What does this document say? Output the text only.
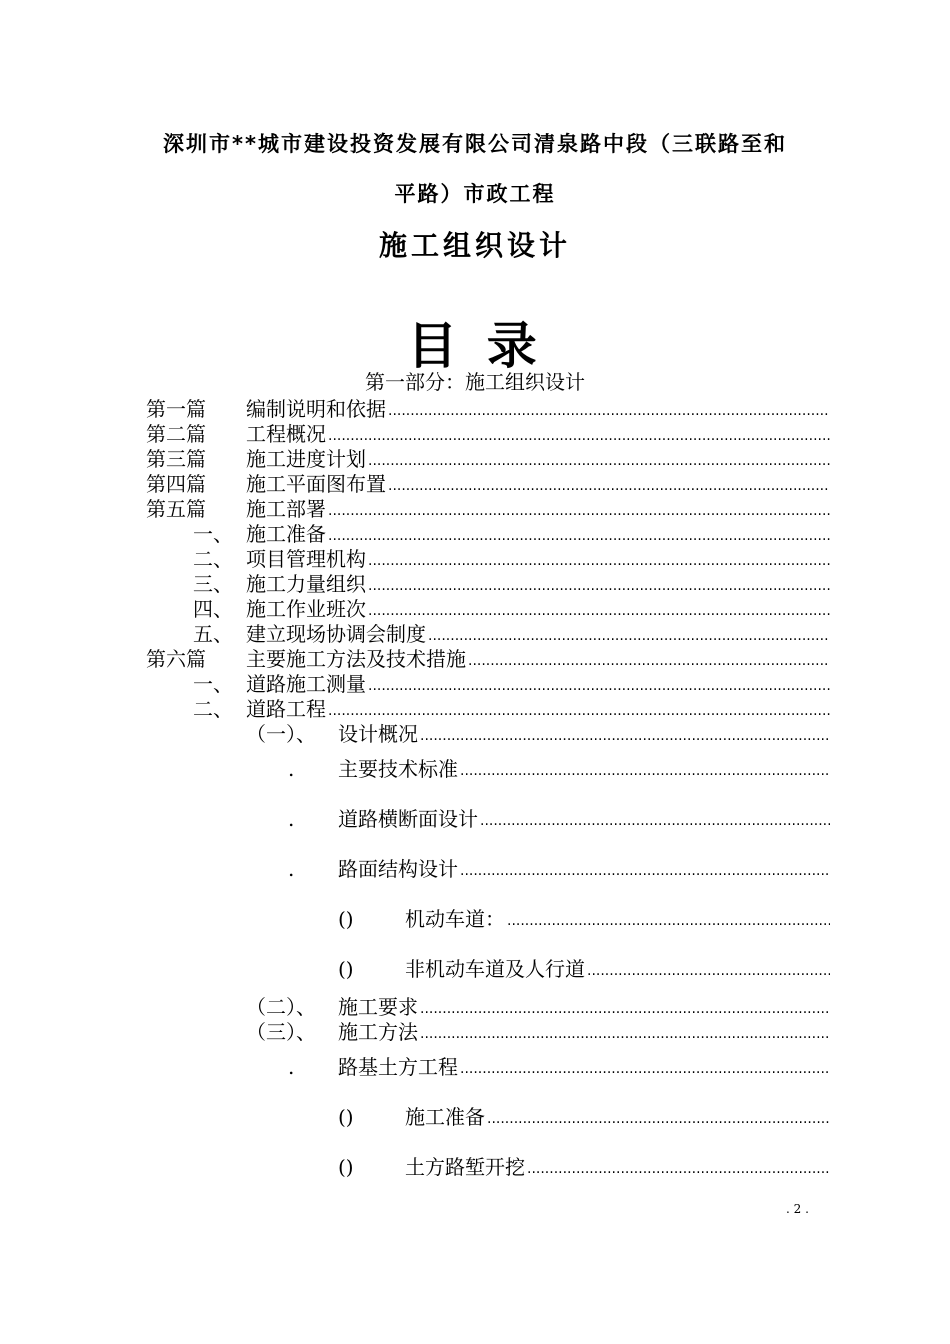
深圳市**城市建设投资发展有限公司清泉路中段（三联路至和
平路）市政工程
施工组织设计
目 录
第一部分：施工组织设计
第一篇 编制说明和依据
.....
第二篇 工程概况
.....
第三篇 施工进度计划
.....
第四篇 施工平面图布置
.....
第五篇 施工部署
.....
一、 施工准备
.....
二、 项目管理机构
.....
三、 施工力量组织
.....
四、 施工作业班次
.....
五、 建立现场协调会制度
.....
第六篇 主要施工方法及技术措施
.....
一、 道路施工测量
.....
二、 道路工程
.....
（一）、 设计概况
.....
. 主要技术标准
.....
. 道路横断面设计
.....
. 路面结构设计
.....
()	机动车道：
.....
()	非机动车道及人行道
.....
（二）、 施工要求
.....
（三）、 施工方法
.....
. 路基土方工程
.....
()	施工准备
.....
()	土方路堑开挖
.....
. 2 .
